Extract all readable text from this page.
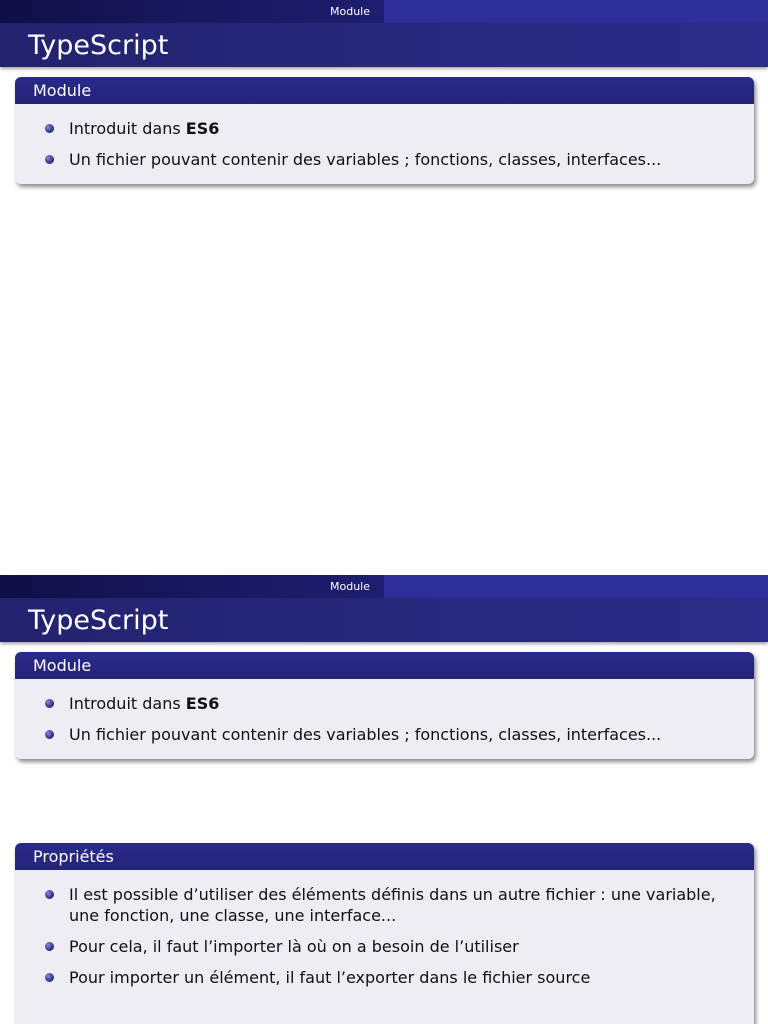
Module
TypeScript
Module
Introduit dans ES6
Un fichier pouvant contenir des variables ; fonctions, classes, interfaces...
Module
TypeScript
Module
Introduit dans ES6
Un fichier pouvant contenir des variables ; fonctions, classes, interfaces...
Propriétés
Il est possible d’utiliser des éléments définis dans un autre fichier : une variable, une fonction, une classe, une interface...
Pour cela, il faut l’importer là où on a besoin de l’utiliser
Pour importer un élément, il faut l’exporter dans le fichier source
